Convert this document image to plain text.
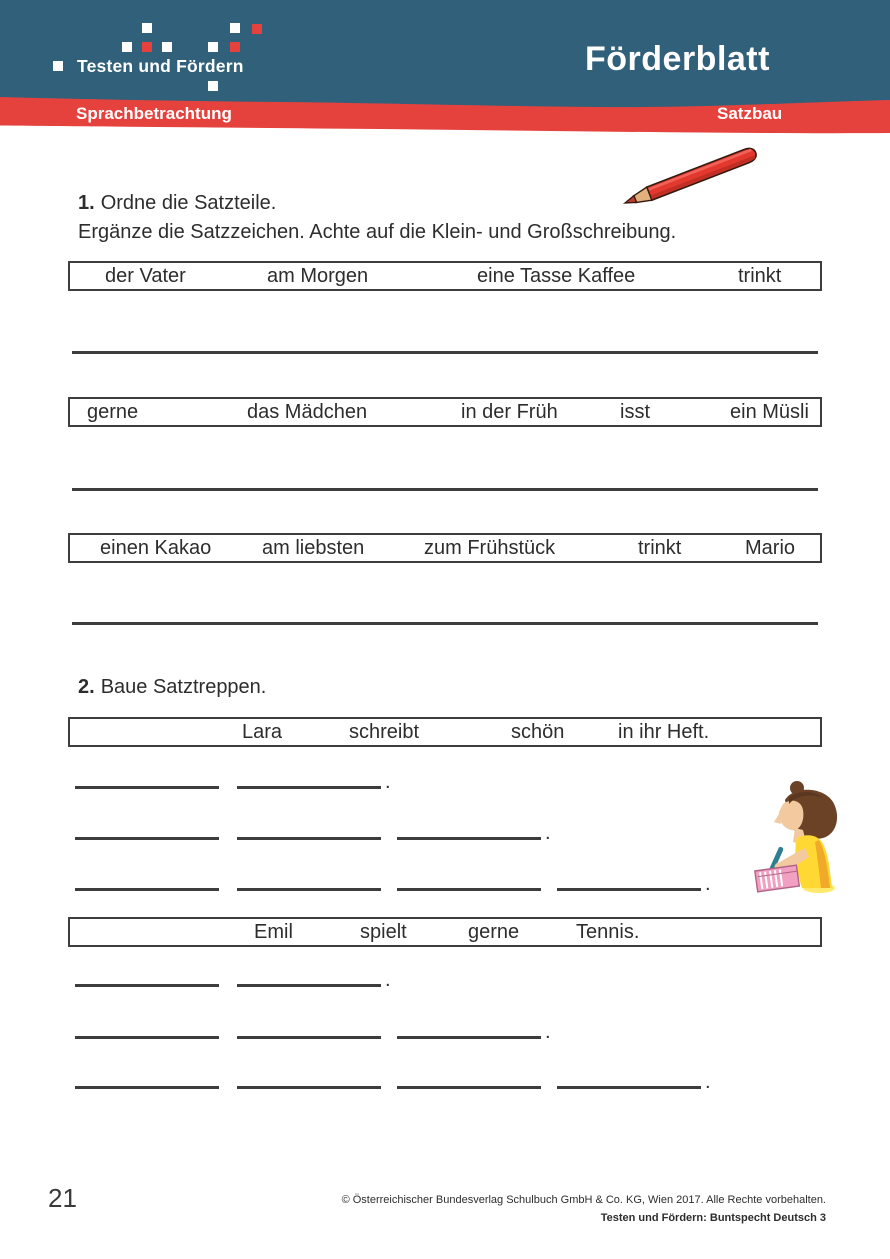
Testen und Fördern	Förderblatt
Sprachbetrachtung	Satzbau
1. Ordne die Satzteile.
Ergänze die Satzzeichen. Achte auf die Klein- und Großschreibung.
der Vater	am Morgen	eine Tasse Kaffee	trinkt
gerne	das Mädchen	in der Früh	isst	ein Müsli
einen Kakao	am liebsten	zum Frühstück	trinkt	Mario
2. Baue Satztreppen.
Lara	schreibt	schön	in ihr Heft.
.
.
.
Emil	spielt	gerne	Tennis.
.
.
.
21	© Österreichischer Bundesverlag Schulbuch GmbH & Co. KG, Wien 2017. Alle Rechte vorbehalten.
Testen und Fördern: Buntspecht Deutsch 3
